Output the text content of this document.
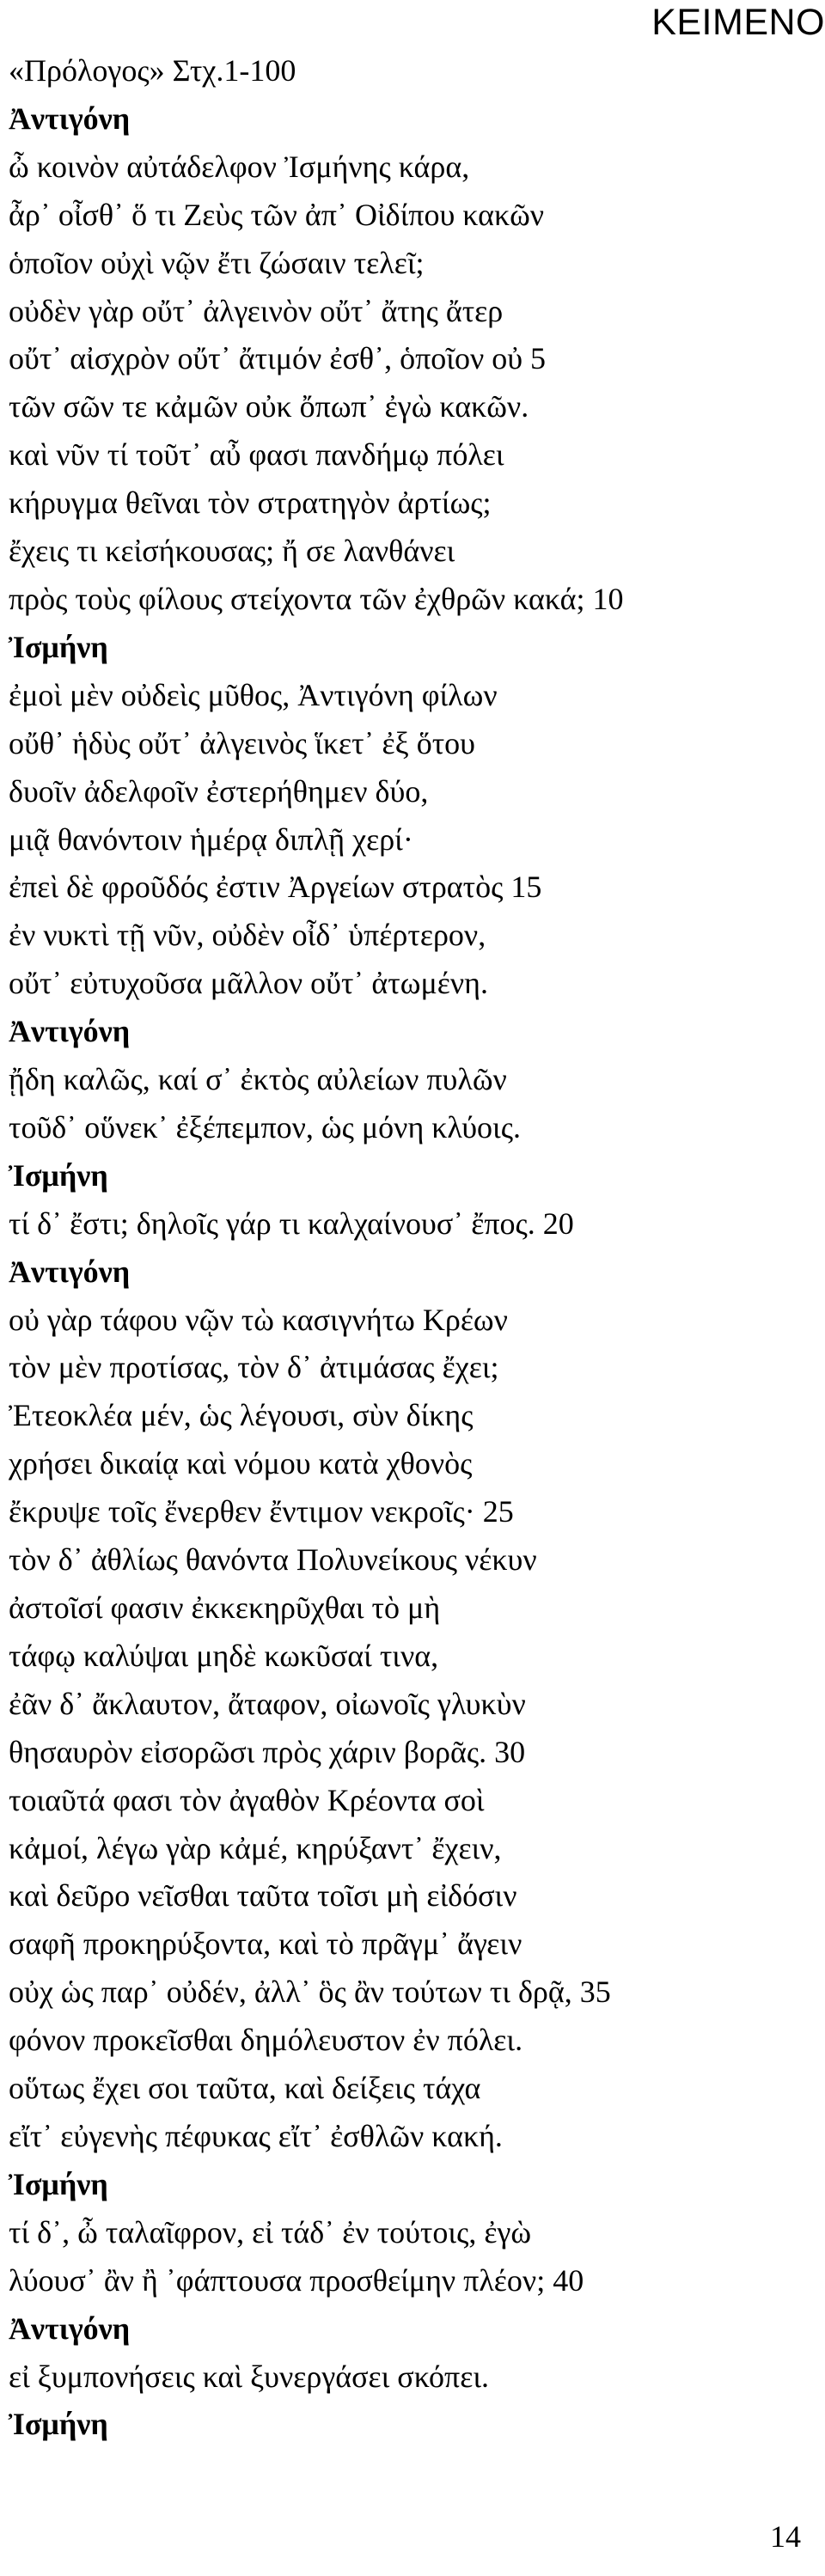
ΚΕΙΜΕΝΟ
«Πρόλογος» Στχ.1-100
Ἀντιγόνη
ὦ κοινὸν αὐτάδελφον Ἰσμήνης κάρα,
ἆρ᾽ οἶσθ᾽ ὅ τι Ζεὺς τῶν ἀπ᾽ Οἰδίπου κακῶν
ὁποῖον οὐχὶ νῷν ἔτι ζώσαιν τελεῖ;
οὐδὲν γὰρ οὔτ᾽ ἀλγεινὸν οὔτ᾽ ἄτης ἄτερ
οὔτ᾽ αἰσχρὸν οὔτ᾽ ἄτιμόν ἐσθ᾽, ὁποῖον οὐ 5
τῶν σῶν τε κἀμῶν οὐκ ὄπωπ᾽ ἐγὼ κακῶν.
καὶ νῦν τί τοῦτ᾽ αὖ φασι πανδήμῳ πόλει
κήρυγμα θεῖναι τὸν στρατηγὸν ἀρτίως;
ἔχεις τι κεἰσήκουσας; ἤ σε λανθάνει
πρὸς τοὺς φίλους στείχοντα τῶν ἐχθρῶν κακά; 10
Ἰσμήνη
ἐμοὶ μὲν οὐδεὶς μῦθος, Ἀντιγόνη φίλων
οὔθ᾽ ἡδὺς οὔτ᾽ ἀλγεινὸς ἵκετ᾽ ἐξ ὅτου
δυοῖν ἀδελφοῖν ἐστερήθημεν δύο,
μιᾷ θανόντοιν ἡμέρᾳ διπλῇ χερί·
ἐπεὶ δὲ φροῦδός ἐστιν Ἀργείων στρατὸς 15
ἐν νυκτὶ τῇ νῦν, οὐδὲν οἶδ᾽ ὑπέρτερον,
οὔτ᾽ εὐτυχοῦσα μᾶλλον οὔτ᾽ ἀτωμένη.
Ἀντιγόνη
ᾔδη καλῶς, καί σ᾽ ἐκτὸς αὐλείων πυλῶν
τοῦδ᾽ οὕνεκ᾽ ἐξέπεμπον, ὡς μόνη κλύοις.
Ἰσμήνη
τί δ᾽ ἔστι; δηλοῖς γάρ τι καλχαίνουσ᾽ ἔπος. 20
Ἀντιγόνη
οὐ γὰρ τάφου νῷν τὼ κασιγνήτω Κρέων
τὸν μὲν προτίσας, τὸν δ᾽ ἀτιμάσας ἔχει;
Ἐτεοκλέα μέν, ὡς λέγουσι, σὺν δίκης
χρήσει δικαίᾳ καὶ νόμου κατὰ χθονὸς
ἔκρυψε τοῖς ἔνερθεν ἔντιμον νεκροῖς· 25
τὸν δ᾽ ἀθλίως θανόντα Πολυνείκους νέκυν
ἀστοῖσί φασιν ἐκκεκηρῦχθαι τὸ μὴ
τάφῳ καλύψαι μηδὲ κωκῦσαί τινα,
ἐᾶν δ᾽ ἄκλαυτον, ἄταφον, οἰωνοῖς γλυκὺν
θησαυρὸν εἰσορῶσι πρὸς χάριν βορᾶς. 30
τοιαῦτά φασι τὸν ἀγαθὸν Κρέοντα σοὶ
κἀμοί, λέγω γὰρ κἀμέ, κηρύξαντ᾽ ἔχειν,
καὶ δεῦρο νεῖσθαι ταῦτα τοῖσι μὴ εἰδόσιν
σαφῆ προκηρύξοντα, καὶ τὸ πρᾶγμ᾽ ἄγειν
οὐχ ὡς παρ᾽ οὐδέν, ἀλλ᾽ ὃς ἂν τούτων τι δρᾷ, 35
φόνον προκεῖσθαι δημόλευστον ἐν πόλει.
οὕτως ἔχει σοι ταῦτα, καὶ δείξεις τάχα
εἴτ᾽ εὐγενὴς πέφυκας εἴτ᾽ ἐσθλῶν κακή.
Ἰσμήνη
τί δ᾽, ὦ ταλαῖφρον, εἰ τάδ᾽ ἐν τούτοις, ἐγὼ
λύουσ᾽ ἂν ἢ ᾽φάπτουσα προσθείμην πλέον; 40
Ἀντιγόνη
εἰ ξυμπονήσεις καὶ ξυνεργάσει σκόπει.
Ἰσμήνη
14
